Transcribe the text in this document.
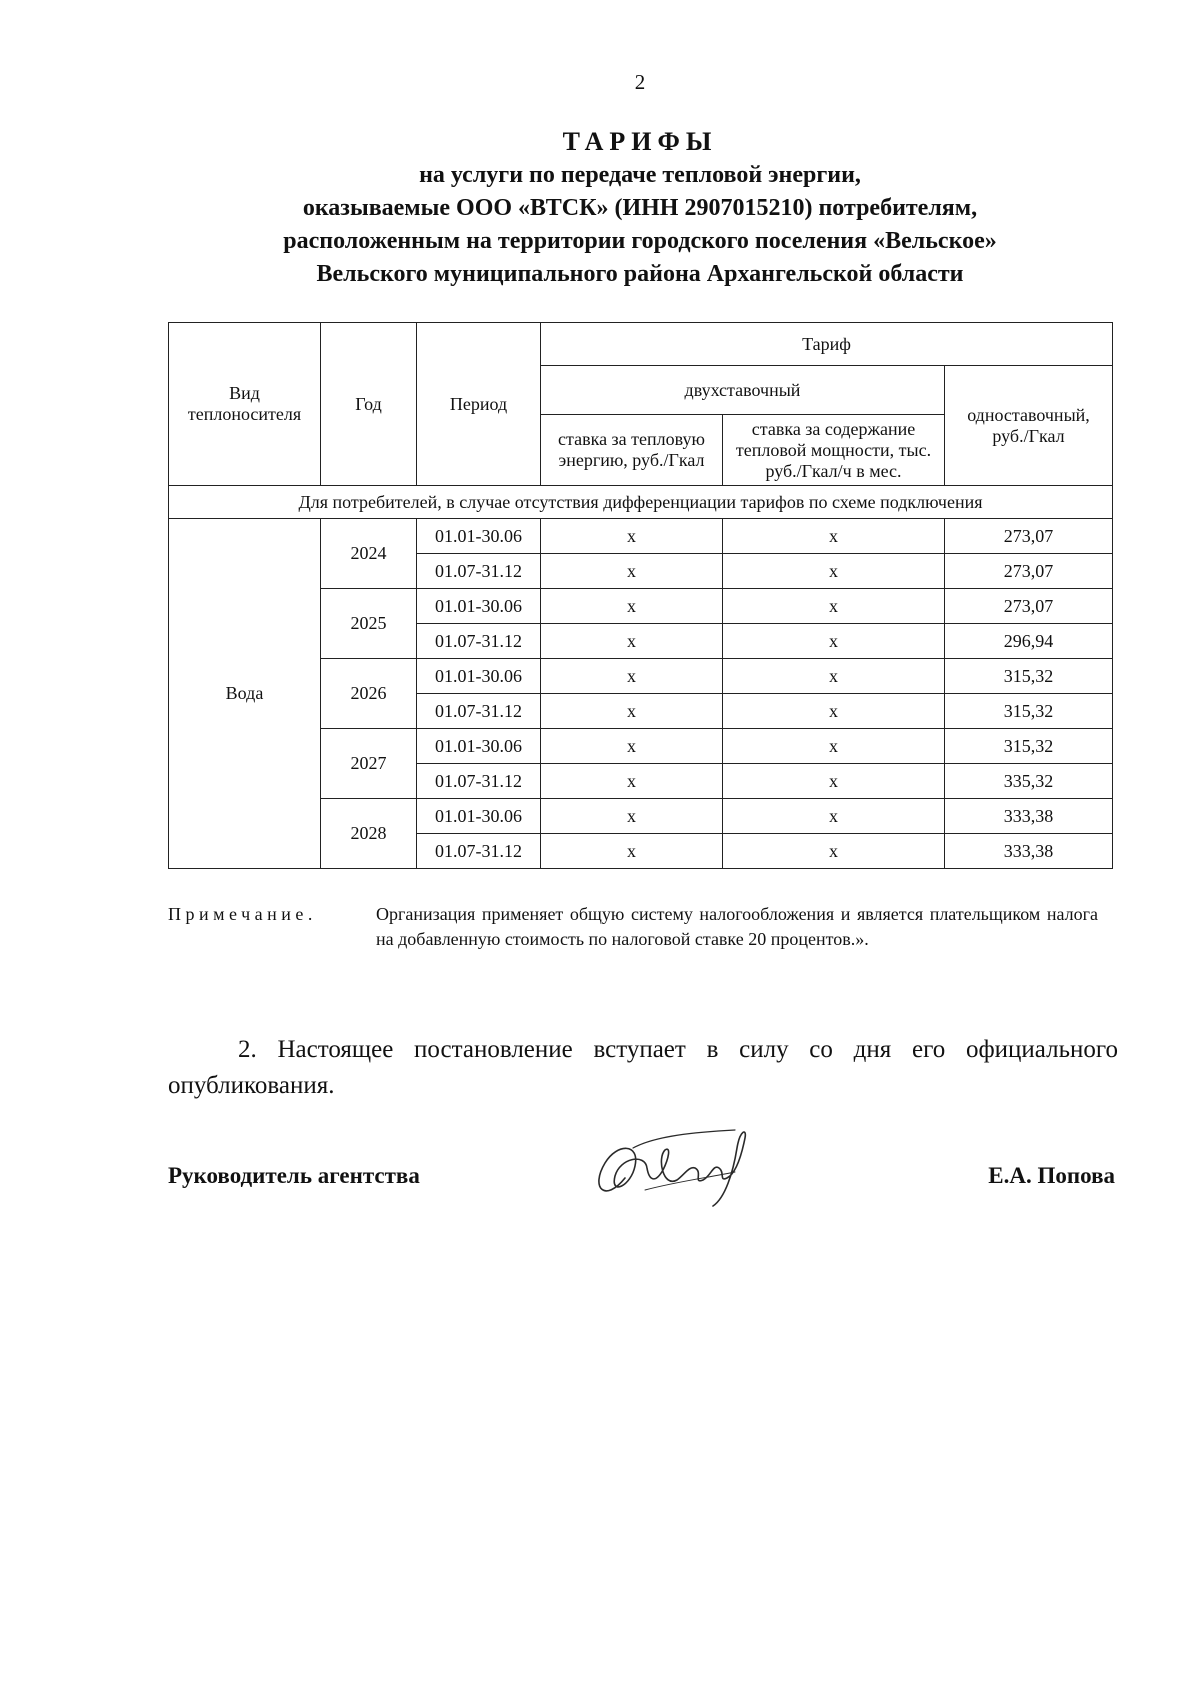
2
ТАРИФЫ
на услуги по передаче тепловой энергии,
оказываемые ООО «ВТСК» (ИНН 2907015210) потребителям,
расположенным на территории городского поселения «Вельское»
Вельского муниципального района Архангельской области
Вид теплоносителя	Год	Период	Тариф		
			двухставочный		одноставочный, руб./Гкал
			ставка за тепловую энергию, руб./Гкал	ставка за содержание тепловой мощности, тыс. руб./Гкал/ч в мес.	
Для потребителей, в случае отсутствия дифференциации тарифов по схеме подключения					
Вода	2024	01.01-30.06	x	x	273,07
		01.07-31.12	x	x	273,07
	2025	01.01-30.06	x	x	273,07
		01.07-31.12	x	x	296,94
	2026	01.01-30.06	x	x	315,32
		01.07-31.12	x	x	315,32
	2027	01.01-30.06	x	x	315,32
		01.07-31.12	x	x	335,32
	2028	01.01-30.06	x	x	333,38
		01.07-31.12	x	x	333,38
Примечание.	Организация применяет общую систему налогообложения и является плательщиком налога на добавленную стоимость по налоговой ставке 20 процентов.».
2. Настоящее постановление вступает в силу со дня его официального опубликования.
Руководитель агентства	Е.А. Попова
